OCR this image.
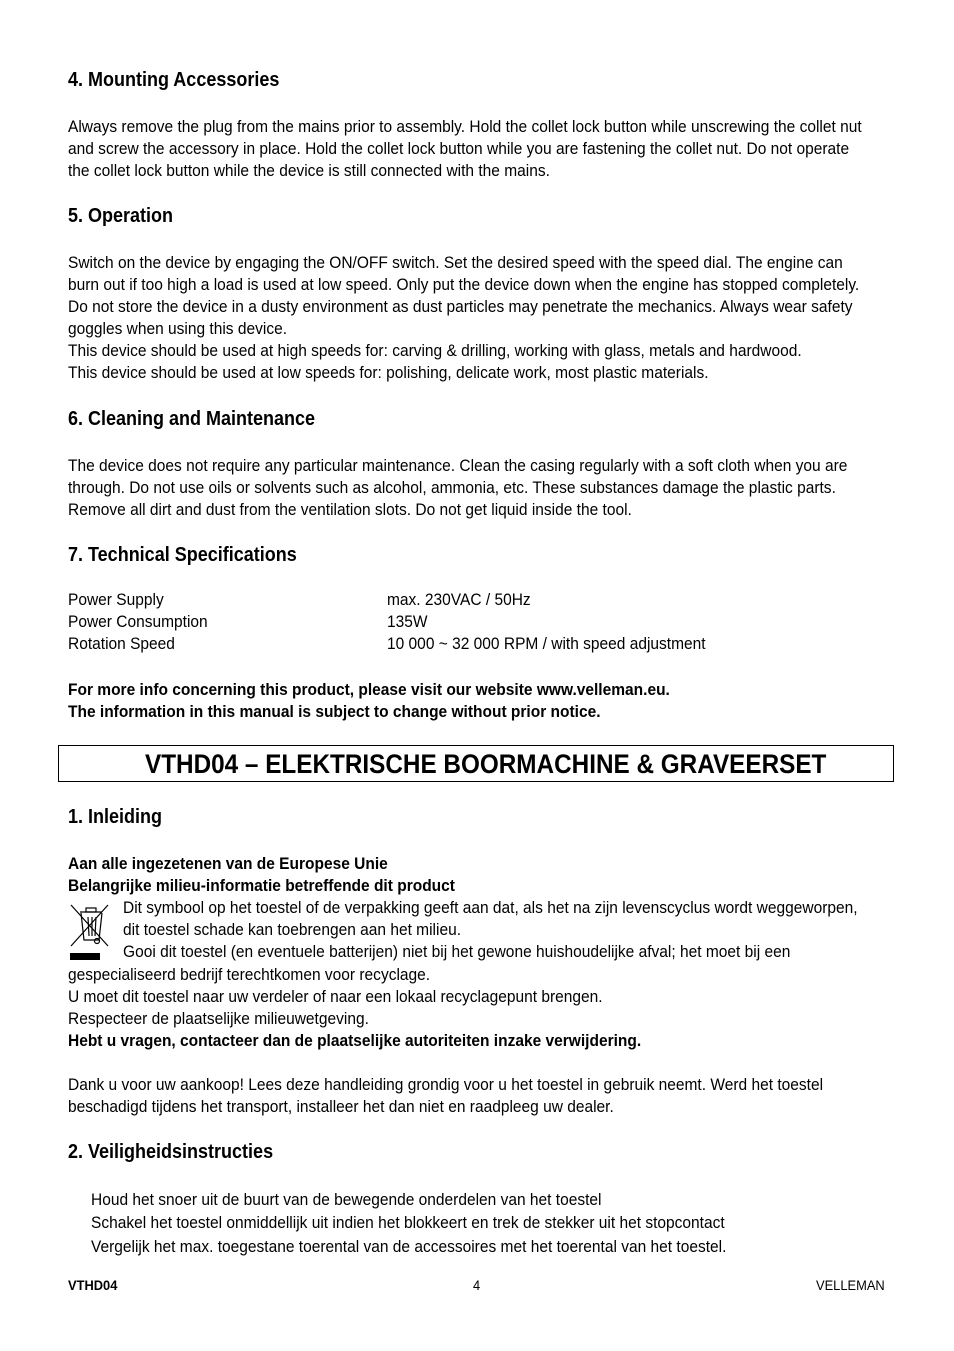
4. Mounting Accessories
Always remove the plug from the mains prior to assembly. Hold the collet lock button while unscrewing the collet nut
and screw the accessory in place. Hold the collet lock button while you are fastening the collet nut. Do not operate
the collet lock button while the device is still connected with the mains.
5. Operation
Switch on the device by engaging the ON/OFF switch. Set the desired speed with the speed dial. The engine can
burn out if too high a load is used at low speed. Only put the device down when the engine has stopped completely.
Do not store the device in a dusty environment as dust particles may penetrate the mechanics. Always wear safety
goggles when using this device.
This device should be used at high speeds for: carving & drilling, working with glass, metals and hardwood.
This device should be used at low speeds for: polishing, delicate work, most plastic materials.
6. Cleaning and Maintenance
The device does not require any particular maintenance. Clean the casing regularly with a soft cloth when you are
through. Do not use oils or solvents such as alcohol, ammonia, etc. These substances damage the plastic parts.
Remove all dirt and dust from the ventilation slots. Do not get liquid inside the tool.
7. Technical Specifications
Power Supply	max. 230VAC / 50Hz
Power Consumption	135W
Rotation Speed	10 000 ~ 32 000 RPM / with speed adjustment
For more info concerning this product, please visit our website www.velleman.eu.
The information in this manual is subject to change without prior notice.
VTHD04 – ELEKTRISCHE BOORMACHINE & GRAVEERSET
1. Inleiding
Aan alle ingezetenen van de Europese Unie
Belangrijke milieu-informatie betreffende dit product
Dit symbool op het toestel of de verpakking geeft aan dat, als het na zijn levenscyclus wordt weggeworpen,
dit toestel schade kan toebrengen aan het milieu.
Gooi dit toestel (en eventuele batterijen) niet bij het gewone huishoudelijke afval; het moet bij een
gespecialiseerd bedrijf terechtkomen voor recyclage.
U moet dit toestel naar uw verdeler of naar een lokaal recyclagepunt brengen.
Respecteer de plaatselijke milieuwetgeving.
Hebt u vragen, contacteer dan de plaatselijke autoriteiten inzake verwijdering.
Dank u voor uw aankoop! Lees deze handleiding grondig voor u het toestel in gebruik neemt. Werd het toestel
beschadigd tijdens het transport, installeer het dan niet en raadpleeg uw dealer.
2. Veiligheidsinstructies
Houd het snoer uit de buurt van de bewegende onderdelen van het toestel
Schakel het toestel onmiddellijk uit indien het blokkeert en trek de stekker uit het stopcontact
Vergelijk het max. toegestane toerental van de accessoires met het toerental van het toestel.
VTHD04	4	VELLEMAN
